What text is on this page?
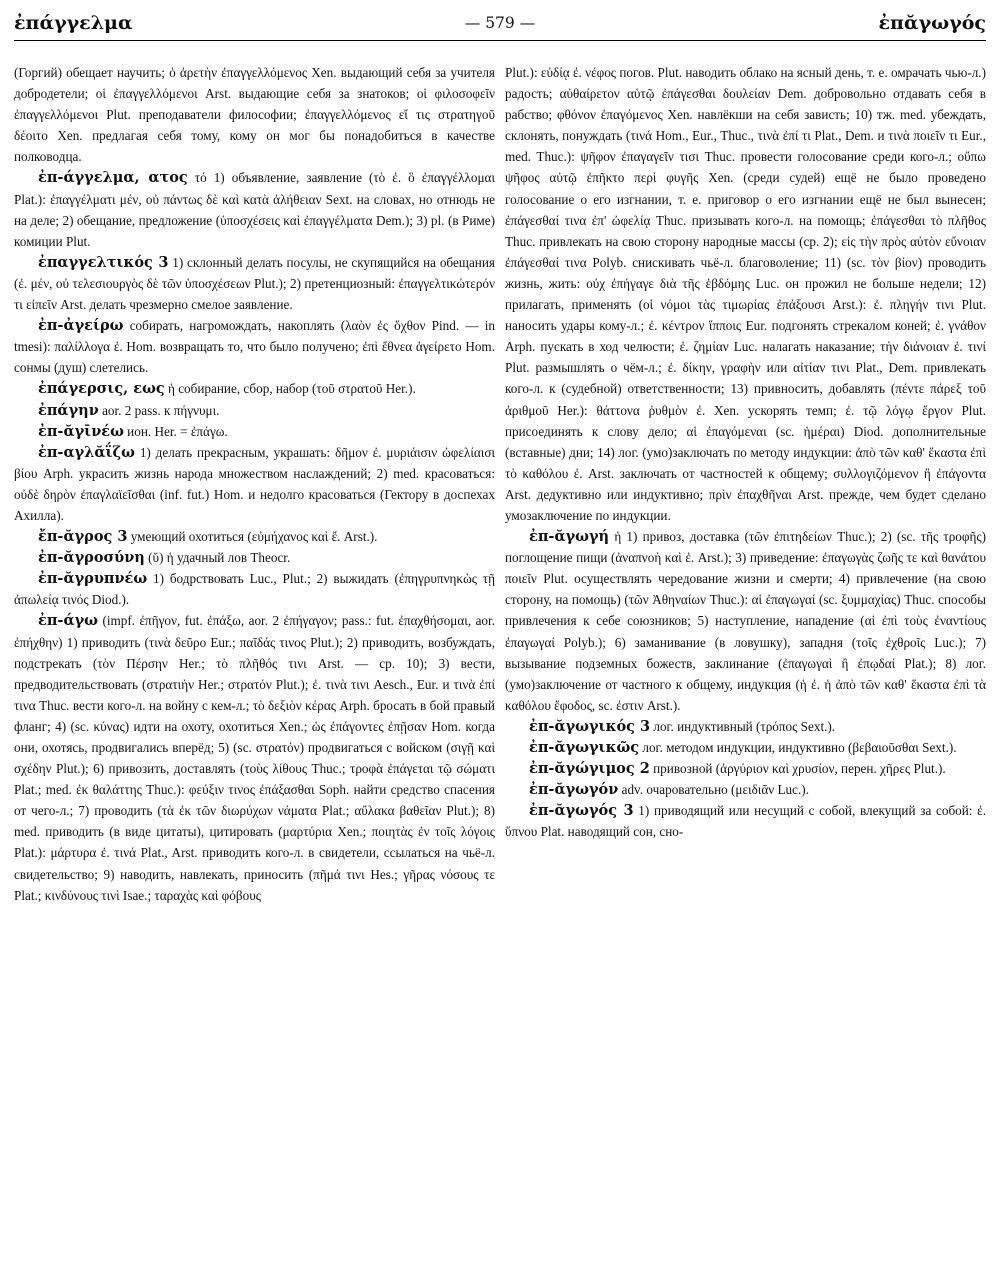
ἐπάγγελμα	— 579 —	ἐπᾰγωγός

(Горгий) обещает научить; ὁ ἀρετὴν ἐπαγγελλόμενος Xen. выдающий себя за учителя добродетели; οἱ ἐπαγγελλόμενοι Arst. выдающие себя за знатоков; οἱ φιλοσοφεῖν ἐπαγγελλόμενοι Plut. преподаватели философии; ἐπαγγελλόμενος εἴ τις στρατηγοῦ δέοιτο Xen. предлагая себя тому, кому он мог бы понадобиться в качестве полководца.

ἐπ-άγγελμα, ατος τό 1) объявление, заявление (τὸ ἐ. ὃ ἐπαγγέλλομαι Plat.): ἐπαγγέλματι μέν, οὐ πάντως δὲ καὶ κατὰ ἀλήθειαν Sext. на словах, но отнюдь не на деле; 2) обещание, предложение (ὑποσχέσεις καὶ ἐπαγγέλματα Dem.); 3) pl. (в Риме) комиции Plut.

ἐπαγγελτικός 3 1) склонный делать посулы, не скупящийся на обещания (ἐ. μέν, οὐ τελεσιουργὸς δὲ τῶν ὑποσχέσεων Plut.); 2) претенциозный: ἐπαγγελτικώτερόν τι εἰπεῖν Arst. делать чрезмерно смелое заявление.

ἐπ-ἀγείρω собирать, нагромождать, накоплять (λαὸν ἐς ὄχθον Pind. — in tmesi): παλίλλογα ἐ. Hom. возвращать то, что было получено; ἐπὶ ἔθνεα ἀγείρετο Hom. сонмы (душ) слетелись.

ἐπάγερσις, εως ἡ собирание, сбор, набор (τοῦ στρατοῦ Her.).

ἐπάγην aor. 2 pass. к πήγνυμι.

ἐπ-ᾰγῑνέω ион. Her. = ἐπάγω.

ἐπ-αγλᾰΐζω 1) делать прекрасным, украшать: δῆμον ἐ. μυριάισιν ὠφελίαισι βίου Arph. украсить жизнь народа множеством наслаждений; 2) med. красоваться: οὐδὲ δηρὸν ἐπαγλαϊεῖσθαι (inf. fut.) Hom. и недолго красоваться (Гектору в доспехах Ахилла).

ἔπ-ᾰγρος 3 умеющий охотиться (εὐμήχανος καὶ ἔ. Arst.).

ἐπ-ᾰγροσύνη (ῠ) ἡ удачный лов Theocr.

ἐπ-ᾰγρυπνέω 1) бодрствовать Luc., Plut.; 2) выжидать (ἐπηγρυπνηκὼς τῇ ἀπωλείᾳ τινός Diod.).

ἐπ-άγω (impf. ἐπῆγον, fut. ἐπάξω, aor. 2 ἐπήγαγον; pass.: fut. ἐπαχθήσομαι, aor. ἐπήχθην) 1) приводить (τινὰ δεῦρο Eur.; παῖδάς τινος Plut.); 2) приводить, возбуждать, подстрекать (τὸν Πέρσην Her.; τὸ πλῆθός τινι Arst. — ср. 10); 3) вести, предводительствовать (στρατιὴν Her.; στρατόν Plut.); ἐ. τινὰ τινι Aesch., Eur. и τινὰ ἐπί τινα Thuc. вести кого-л. на войну с кем-л.; τὸ δεξιὸν κέρας Arph. бросать в бой правый фланг; 4) (sc. κύνας) идти на охоту, охотиться Xen.; ὡς ἐπάγοντες ἐπῇσαν Hom. когда они, охотясь, продвигались вперёд; 5) (sc. στρατόν) продвигаться с войском (σιγῇ καὶ σχέδην Plut.); 6) привозить, доставлять (τοὺς λίθους Thuc.; τροφὰ ἐπάγεται τῷ σώματι Plat.; med. ἐκ θαλάττης Thuc.): φεύξιν τινος ἐπάξασθαι Soph. найти средство спасения от чего-л.; 7) проводить (τὰ ἐκ τῶν διωρύχων νάματα Plat.; αὔλακα βαθεῖαν Plut.); 8) med. приводить (в виде цитаты), цитировать (μαρτύρια Xen.; ποιητὰς ἐν τοῖς λόγοις Plat.): μάρτυρα ἐ. τινά Plat., Arst. приводить кого-л. в свидетели, ссылаться на чьё-л. свидетельство; 9) наводить, навлекать, приносить (πῆμά τινι Hes.; γῆρας νόσους τε Plat.; κινδύνους τινὶ Isae.; ταραχὰς καὶ φόβους

Plut.): εὐδίᾳ ἐ. νέφος погов. Plut. наводить облако на ясный день, т. е. омрачать чью-л.) радость; αὐθαίρετον αὑτῷ ἐπάγεσθαι δουλείαν Dem. добровольно отдавать себя в рабство; φθόνον ἐπαγόμενος Xen. навлёкши на себя зависть; 10) тж. med. убеждать, склонять, понуждать (τινά Hom., Eur., Thuc., τινὰ ἐπί τι Plat., Dem. и τινὰ ποιεῖν τι Eur., med. Thuc.): ψῆφον ἐπαγαγεῖν τισι Thuc. провести голосование среди кого-л.; οὔπω ψῆφος αὐτῷ ἐπῆκτο περὶ φυγῆς Xen. (среди судей) ещё не было проведено голосование о его изгнании, т. е. приговор о его изгнании ещё не был вынесен; ἐπάγεσθαί τινα ἐπ' ὠφελίᾳ Thuc. призывать кого-л. на помощь; ἐπάγεσθαι τὸ πλῆθος Thuc. привлекать на свою сторону народные массы (ср. 2); εἰς τὴν πρὸς αὐτὸν εὔνοιαν ἐπάγεσθαί τινα Polyb. снискивать чьё-л. благоволение; 11) (sc. τὸν βίον) проводить жизнь, жить: οὐχ ἐπήγαγε διὰ τῆς ἑβδόμης Luc. он прожил не больше недели; 12) прилагать, применять (οἱ νόμοι τὰς τιμωρίας ἐπάξουσι Arst.): ἐ. πληγήν τινι Plut. наносить удары кому-л.; ἐ. κέντρον ἵπποις Eur. подгонять стрекалом коней; ἐ. γνάθον Arph. пускать в ход челюсти; ἐ. ζημίαν Luc. налагать наказание; τὴν διάνοιαν ἐ. τινί Plut. размышлять о чём-л.; ἐ. δίκην, γραφὴν или αἰτίαν τινι Plat., Dem. привлекать кого-л. к (судебной) ответственности; 13) привносить, добавлять (πέντε πάρεξ τοῦ ἀριθμοῦ Her.): θάττονα ῥυθμὸν ἐ. Xen. ускорять темп; ἐ. τῷ λόγῳ ἔργον Plut. присоединять к слову дело; αἱ ἐπαγόμεναι (sc. ἡμέραι) Diod. дополнительные (вставные) дни; 14) лог. (умо)заключать по методу индукции: ἀπὸ τῶν καθ' ἕκαστα ἐπὶ τὸ καθόλου ἐ. Arst. заключать от частностей к общему; συλλογιζόμενον ἢ ἐπάγοντα Arst. дедуктивно или индуктивно; πρὶν ἐπαχθῆναι Arst. прежде, чем будет сделано умозаключение по индукции.

ἐπ-ᾰγωγή ἡ 1) привоз, доставка (τῶν ἐπιτηδείων Thuc.); 2) (sc. τῆς τροφῆς) поглощение пищи (ἀναπνοὴ καὶ ἐ. Arst.); 3) приведение: ἐπαγωγὰς ζωῆς τε καὶ θανάτου ποιεῖν Plut. осуществлять чередование жизни и смерти; 4) привлечение (на свою сторону, на помощь) (τῶν Ἀθηναίων Thuc.): αἱ ἐπαγωγαί (sc. ξυμμαχίας) Thuc. способы привлечения к себе союзников; 5) наступление, нападение (αἱ ἐπὶ τοὺς ἐναντίους ἐπαγωγαί Polyb.); 6) заманивание (в ловушку), западня (τοῖς ἐχθροῖς Luc.); 7) вызывание подземных божеств, заклинание (ἐπαγωγαὶ ἢ ἐπῳδαί Plat.); 8) лог. (умо)заключение от частного к общему, индукция (ἡ ἐ. ἡ ἀπὸ τῶν καθ' ἕκαστα ἐπὶ τὰ καθόλου ἔφοδος, sc. ἐστιν Arst.).

ἐπ-ᾰγωγικός 3 лог. индуктивный (τρόπος Sext.).

ἐπ-ᾰγωγικῶς лог. методом индукции, индуктивно (βεβαιοῦσθαι Sext.).

ἐπ-ᾰγώγιμος 2 привозной (ἀργύριον καὶ χρυσίον, перен. χῆρες Plut.).

ἐπ-ᾰγωγόν adv. очаровательно (μειδιᾶν Luc.).

ἐπ-ᾰγωγός 3 1) приводящий или несущий с собой, влекущий за собой: ἐ. ὕπνου Plat. наводящий сон, сно-
